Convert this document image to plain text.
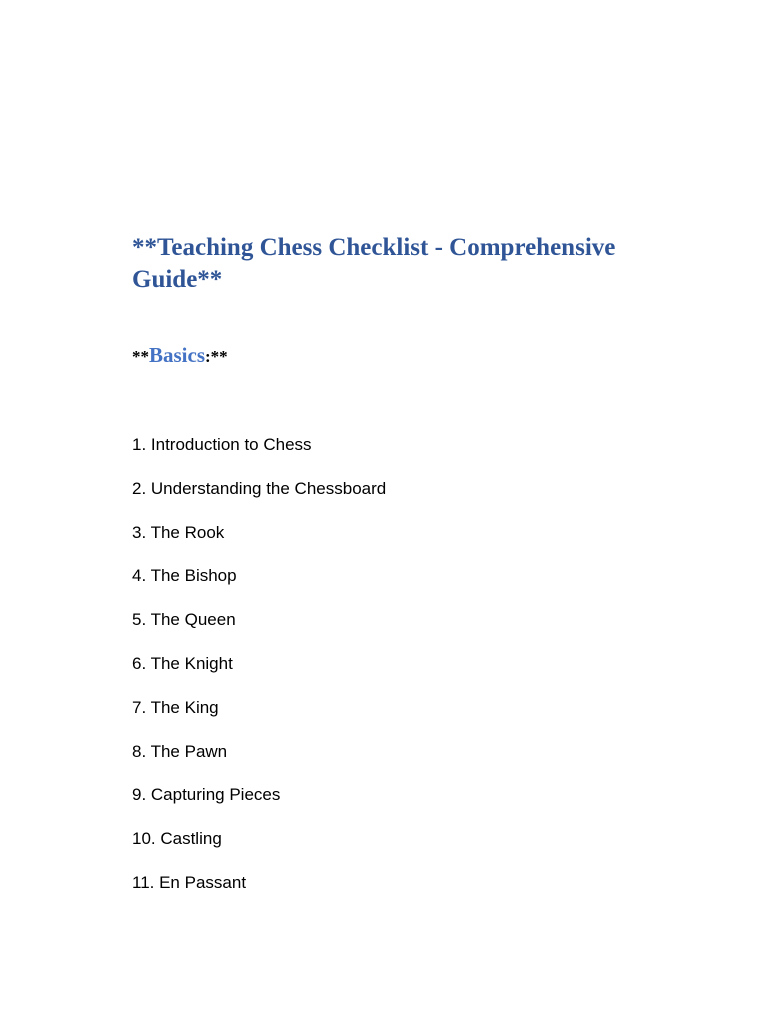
**Teaching Chess Checklist - Comprehensive Guide**
**Basics:**
1. Introduction to Chess
2. Understanding the Chessboard
3. The Rook
4. The Bishop
5. The Queen
6. The Knight
7. The King
8. The Pawn
9. Capturing Pieces
10. Castling
11. En Passant
